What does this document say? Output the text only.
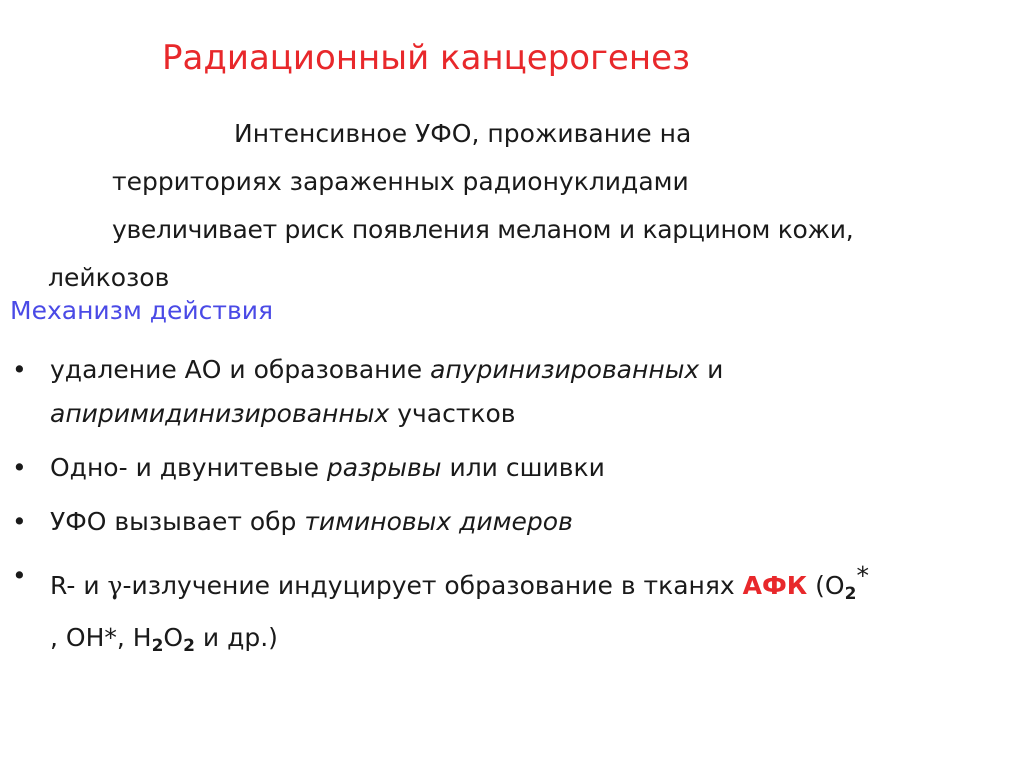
Радиационный канцерогенез
Интенсивное УФО, проживание на
территориях зараженных радионуклидами
увеличивает риск появления меланом и карцином кожи,
лейкозов
Механизм действия
• удаление АО и образование апуринизированных и апиримидинизированных участков
• Одно- и двунитевые разрывы или сшивки
• УФО вызывает обр тиминовых димеров
• R- и γ-излучение индуцирует образование в тканях АФК ($О_2*$
, ОН*, $Н_2О_2$ и др.)
